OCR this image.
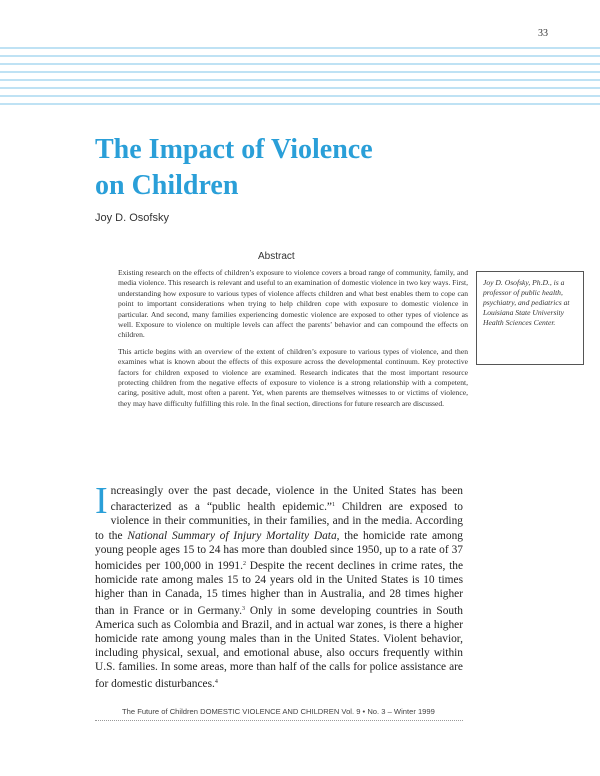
33
The Impact of Violence
on Children
Joy D. Osofsky
Abstract

Existing research on the effects of children’s exposure to violence covers a broad range of community, family, and media violence. This research is relevant and useful to an examination of domestic violence in two key ways. First, understanding how exposure to various types of violence affects children and what best enables them to cope can point to important considerations when trying to help children cope with exposure to domestic violence in particular. And second, many families experiencing domestic violence are exposed to other types of violence as well. Exposure to violence on multiple levels can affect the parents’ behavior and can compound the effects on children.

This article begins with an overview of the extent of children’s exposure to various types of violence, and then examines what is known about the effects of this exposure across the developmental continuum. Key protective factors for children exposed to violence are examined. Research indicates that the most important resource protecting children from the negative effects of exposure to violence is a strong relationship with a competent, caring, positive adult, most often a parent. Yet, when parents are themselves witnesses to or victims of violence, they may have difficulty fulfilling this role. In the final section, directions for future research are discussed.

Joy D. Osofsky, Ph.D., is a professor of public health, psychiatry, and pediatrics at Louisiana State University Health Sciences Center.

Increasingly over the past decade, violence in the United States has been characterized as a “public health epidemic.”$^1$ Children are exposed to violence in their communities, in their families, and in the media. According to the National Summary of Injury Mortality Data, the homicide rate among young people ages 15 to 24 has more than doubled since 1950, up to a rate of 37 homicides per 100,000 in 1991.$^2$ Despite the recent declines in crime rates, the homicide rate among males 15 to 24 years old in the United States is 10 times higher than in Canada, 15 times higher than in Australia, and 28 times higher than in France or in Germany.$^3$ Only in some developing countries in South America such as Colombia and Brazil, and in actual war zones, is there a higher homicide rate among young males than in the United States. Violent behavior, including physical, sexual, and emotional abuse, also occurs frequently within U.S. families. In some areas, more than half of the calls for police assistance are for domestic disturbances.$^4$

The Future of Children DOMESTIC VIOLENCE AND CHILDREN Vol. 9 • No. 3 – Winter 1999
